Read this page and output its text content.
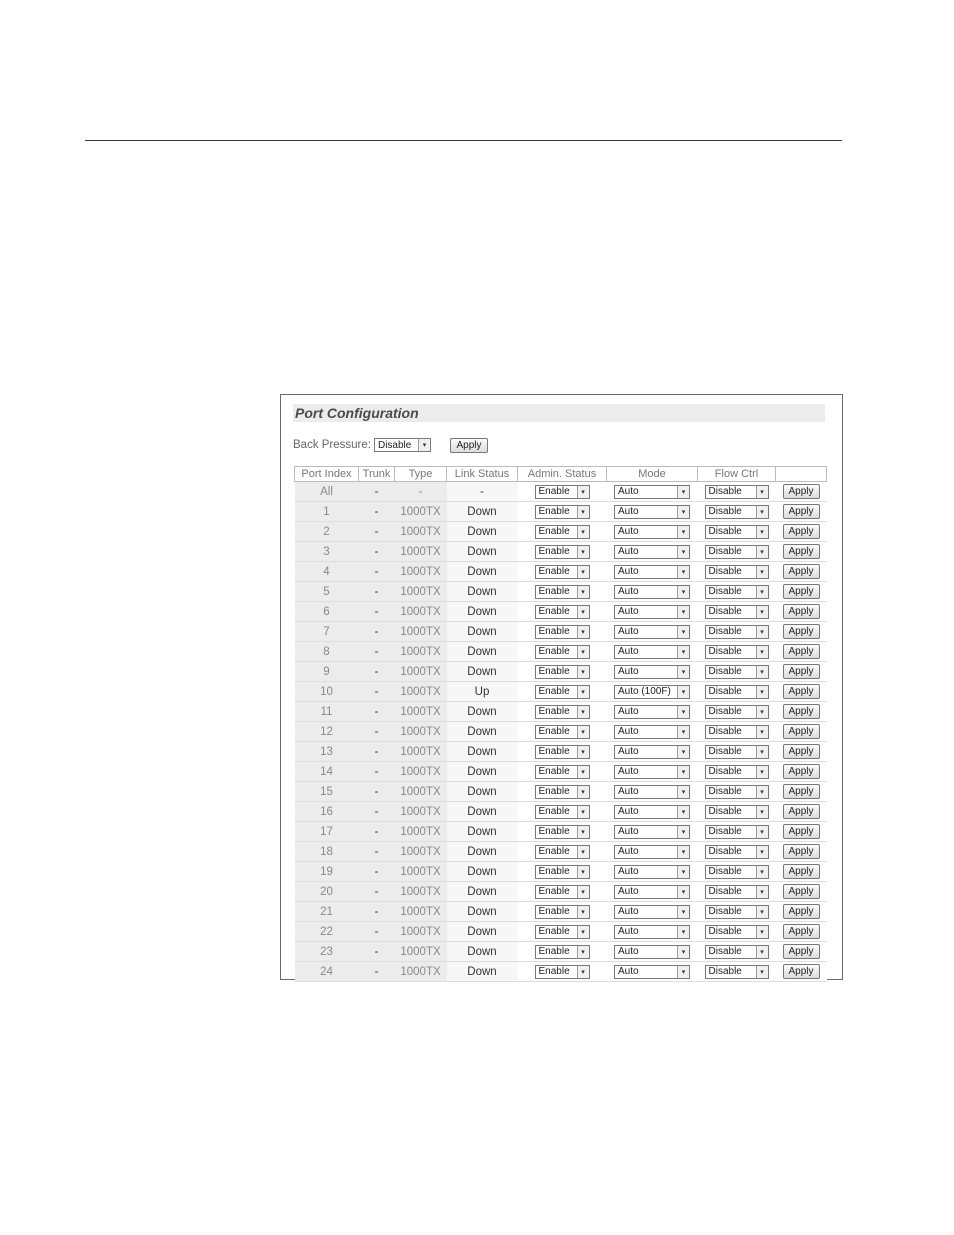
Port Configuration
Back Pressure: Disable	▾	Apply
Port Index	Trunk	Type	Link Status	Admin. Status	Mode	Flow Ctrl	
All	-	-	-	Enable ▾	Auto ▾	Disable ▾	Apply
1	-	1000TX	Down	Enable ▾	Auto ▾	Disable ▾	Apply
2	-	1000TX	Down	Enable ▾	Auto ▾	Disable ▾	Apply
3	-	1000TX	Down	Enable ▾	Auto ▾	Disable ▾	Apply
4	-	1000TX	Down	Enable ▾	Auto ▾	Disable ▾	Apply
5	-	1000TX	Down	Enable ▾	Auto ▾	Disable ▾	Apply
6	-	1000TX	Down	Enable ▾	Auto ▾	Disable ▾	Apply
7	-	1000TX	Down	Enable ▾	Auto ▾	Disable ▾	Apply
8	-	1000TX	Down	Enable ▾	Auto ▾	Disable ▾	Apply
9	-	1000TX	Down	Enable ▾	Auto ▾	Disable ▾	Apply
10	-	1000TX	Up	Enable ▾	Auto (100F) ▾	Disable ▾	Apply
11	-	1000TX	Down	Enable ▾	Auto ▾	Disable ▾	Apply
12	-	1000TX	Down	Enable ▾	Auto ▾	Disable ▾	Apply
13	-	1000TX	Down	Enable ▾	Auto ▾	Disable ▾	Apply
14	-	1000TX	Down	Enable ▾	Auto ▾	Disable ▾	Apply
15	-	1000TX	Down	Enable ▾	Auto ▾	Disable ▾	Apply
16	-	1000TX	Down	Enable ▾	Auto ▾	Disable ▾	Apply
17	-	1000TX	Down	Enable ▾	Auto ▾	Disable ▾	Apply
18	-	1000TX	Down	Enable ▾	Auto ▾	Disable ▾	Apply
19	-	1000TX	Down	Enable ▾	Auto ▾	Disable ▾	Apply
20	-	1000TX	Down	Enable ▾	Auto ▾	Disable ▾	Apply
21	-	1000TX	Down	Enable ▾	Auto ▾	Disable ▾	Apply
22	-	1000TX	Down	Enable ▾	Auto ▾	Disable ▾	Apply
23	-	1000TX	Down	Enable ▾	Auto ▾	Disable ▾	Apply
24	-	1000TX	Down	Enable ▾	Auto ▾	Disable ▾	Apply
